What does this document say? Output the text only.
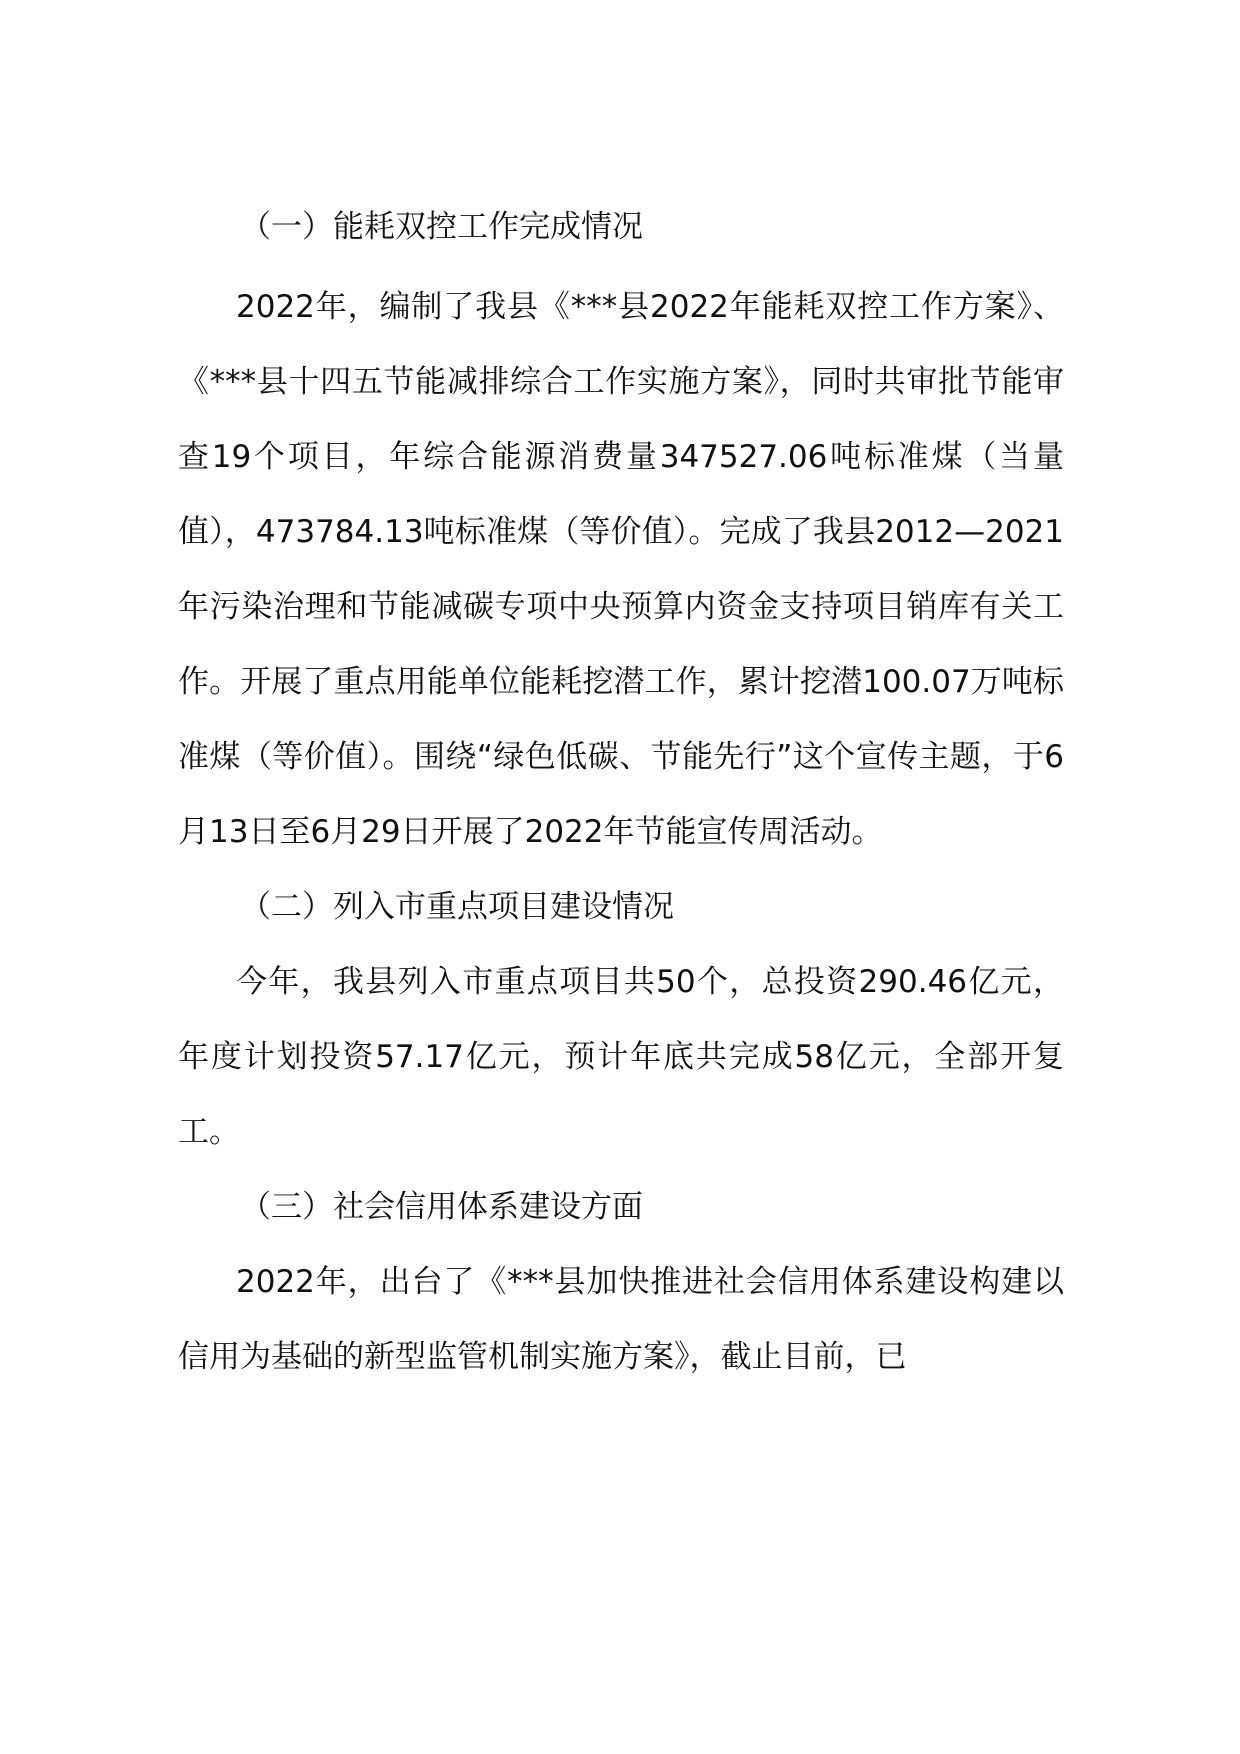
（一）能耗双控工作完成情况

2022年，编制了我县《***县2022年能耗双控工作方案》、《***县十四五节能减排综合工作实施方案》，同时共审批节能审查19个项目，年综合能源消费量347527.06吨标准煤（当量值），473784.13吨标准煤（等价值）。完成了我县2012—2021年污染治理和节能减碳专项中央预算内资金支持项目销库有关工作。开展了重点用能单位能耗挖潜工作，累计挖潜100.07万吨标准煤（等价值）。围绕“绿色低碳、节能先行”这个宣传主题，于6月13日至6月29日开展了2022年节能宣传周活动。

（二）列入市重点项目建设情况

今年，我县列入市重点项目共50个，总投资290.46亿元，年度计划投资57.17亿元，预计年底共完成58亿元，全部开复工。

（三）社会信用体系建设方面

2022年，出台了《***县加快推进社会信用体系建设构建以信用为基础的新型监管机制实施方案》，截止目前，已
